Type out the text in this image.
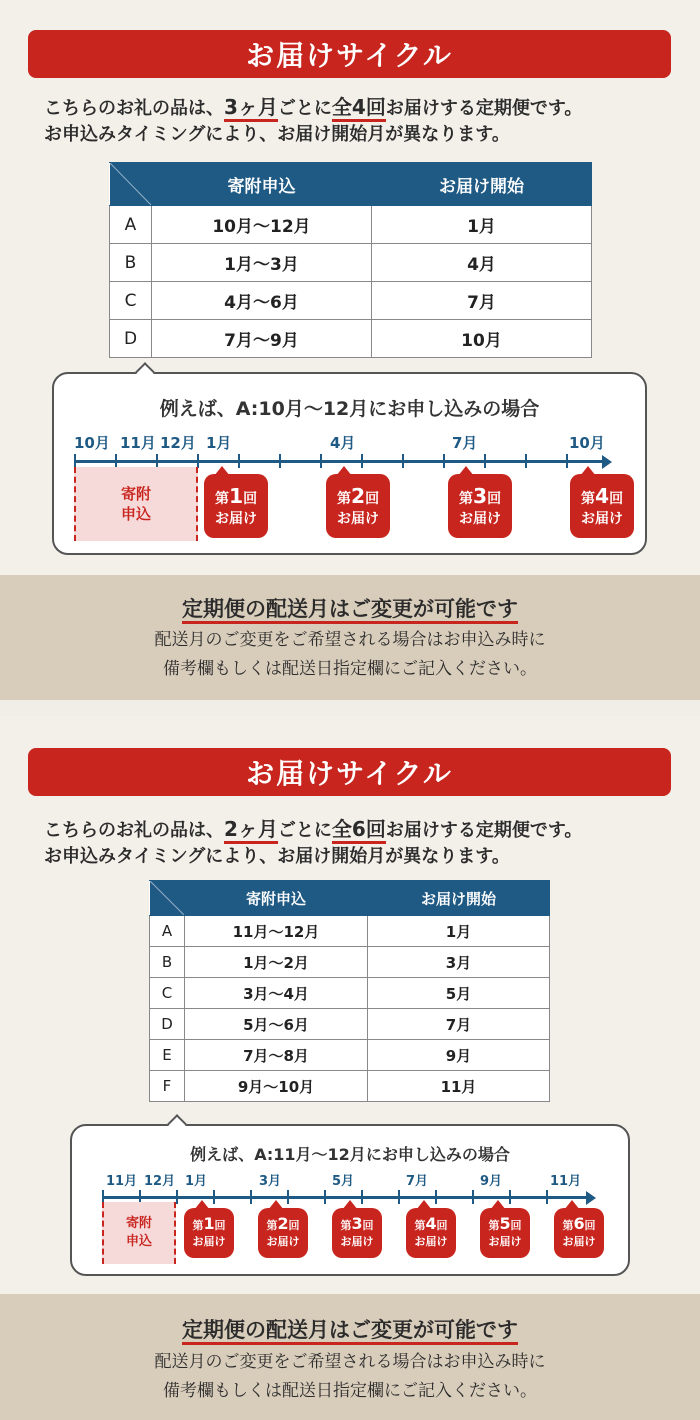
お届けサイクル
こちらのお礼の品は、3ヶ月ごとに全4回お届けする定期便です。
お申込みタイミングにより、お届け開始月が異なります。
	寄附申込	お届け開始
A	10月〜12月	1月
B	1月〜3月	4月
C	4月〜6月	7月
D	7月〜9月	10月
例えば、A:10月〜12月にお申し込みの場合
10月 11月 12月 1月	4月	7月	10月
寄附
申込
第1回
お届け
第2回
お届け
第3回
お届け
第4回
お届け
定期便の配送月はご変更が可能です
配送月のご変更をご希望される場合はお申込み時に
備考欄もしくは配送日指定欄にご記入ください。
お届けサイクル
こちらのお礼の品は、2ヶ月ごとに全6回お届けする定期便です。
お申込みタイミングにより、お届け開始月が異なります。
	寄附申込	お届け開始
A	11月〜12月	1月
B	1月〜2月	3月
C	3月〜4月	5月
D	5月〜6月	7月
E	7月〜8月	9月
F	9月〜10月	11月
例えば、A:11月〜12月にお申し込みの場合
11月 12月 1月	3月	5月	7月	9月	11月
寄附
申込
第1回
お届け
第2回
お届け
第3回
お届け
第4回
お届け
第5回
お届け
第6回
お届け
定期便の配送月はご変更が可能です
配送月のご変更をご希望される場合はお申込み時に
備考欄もしくは配送日指定欄にご記入ください。
